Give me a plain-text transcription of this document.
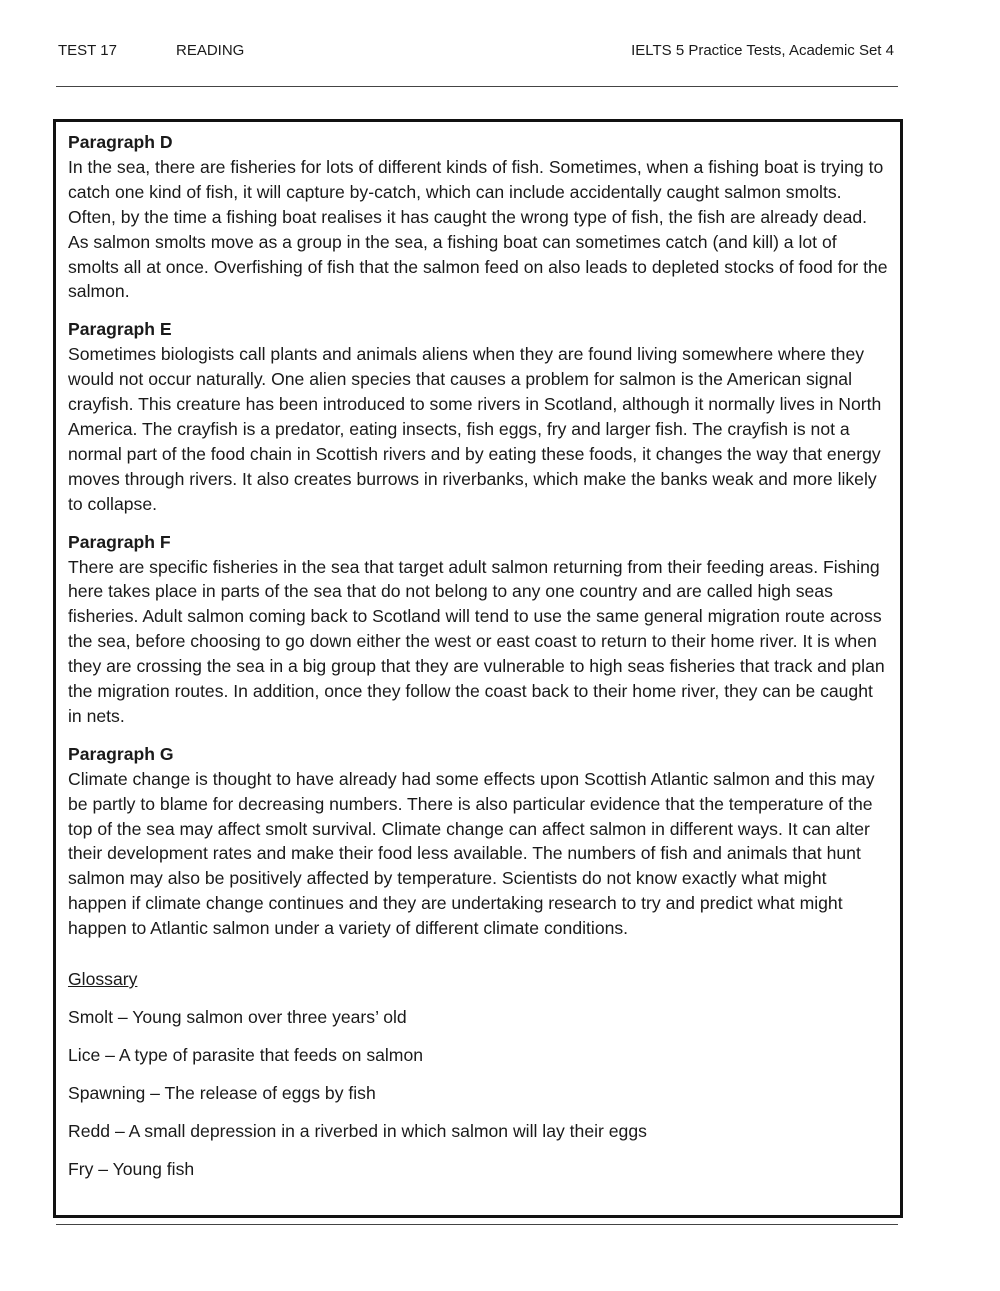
TEST 17	READING	IELTS 5 Practice Tests, Academic Set 4
Paragraph D

In the sea, there are fisheries for lots of different kinds of fish. Sometimes, when a fishing boat is trying to catch one kind of fish, it will capture by-catch, which can include accidentally caught salmon smolts. Often, by the time a fishing boat realises it has caught the wrong type of fish, the fish are already dead. As salmon smolts move as a group in the sea, a fishing boat can sometimes catch (and kill) a lot of smolts all at once. Overfishing of fish that the salmon feed on also leads to depleted stocks of food for the salmon.

Paragraph E

Sometimes biologists call plants and animals aliens when they are found living somewhere where they would not occur naturally. One alien species that causes a problem for salmon is the American signal crayfish. This creature has been introduced to some rivers in Scotland, although it normally lives in North America. The crayfish is a predator, eating insects, fish eggs, fry and larger fish. The crayfish is not a normal part of the food chain in Scottish rivers and by eating these foods, it changes the way that energy moves through rivers. It also creates burrows in riverbanks, which make the banks weak and more likely to collapse.

Paragraph F

There are specific fisheries in the sea that target adult salmon returning from their feeding areas. Fishing here takes place in parts of the sea that do not belong to any one country and are called high seas fisheries. Adult salmon coming back to Scotland will tend to use the same general migration route across the sea, before choosing to go down either the west or east coast to return to their home river. It is when they are crossing the sea in a big group that they are vulnerable to high seas fisheries that track and plan the migration routes. In addition, once they follow the coast back to their home river, they can be caught in nets.

Paragraph G

Climate change is thought to have already had some effects upon Scottish Atlantic salmon and this may be partly to blame for decreasing numbers. There is also particular evidence that the temperature of the top of the sea may affect smolt survival. Climate change can affect salmon in different ways. It can alter their development rates and make their food less available. The numbers of fish and animals that hunt salmon may also be positively affected by temperature. Scientists do not know exactly what might happen if climate change continues and they are undertaking research to try and predict what might happen to Atlantic salmon under a variety of different climate conditions.

Glossary
Smolt – Young salmon over three years’ old
Lice – A type of parasite that feeds on salmon
Spawning – The release of eggs by fish
Redd – A small depression in a riverbed in which salmon will lay their eggs
Fry – Young fish
